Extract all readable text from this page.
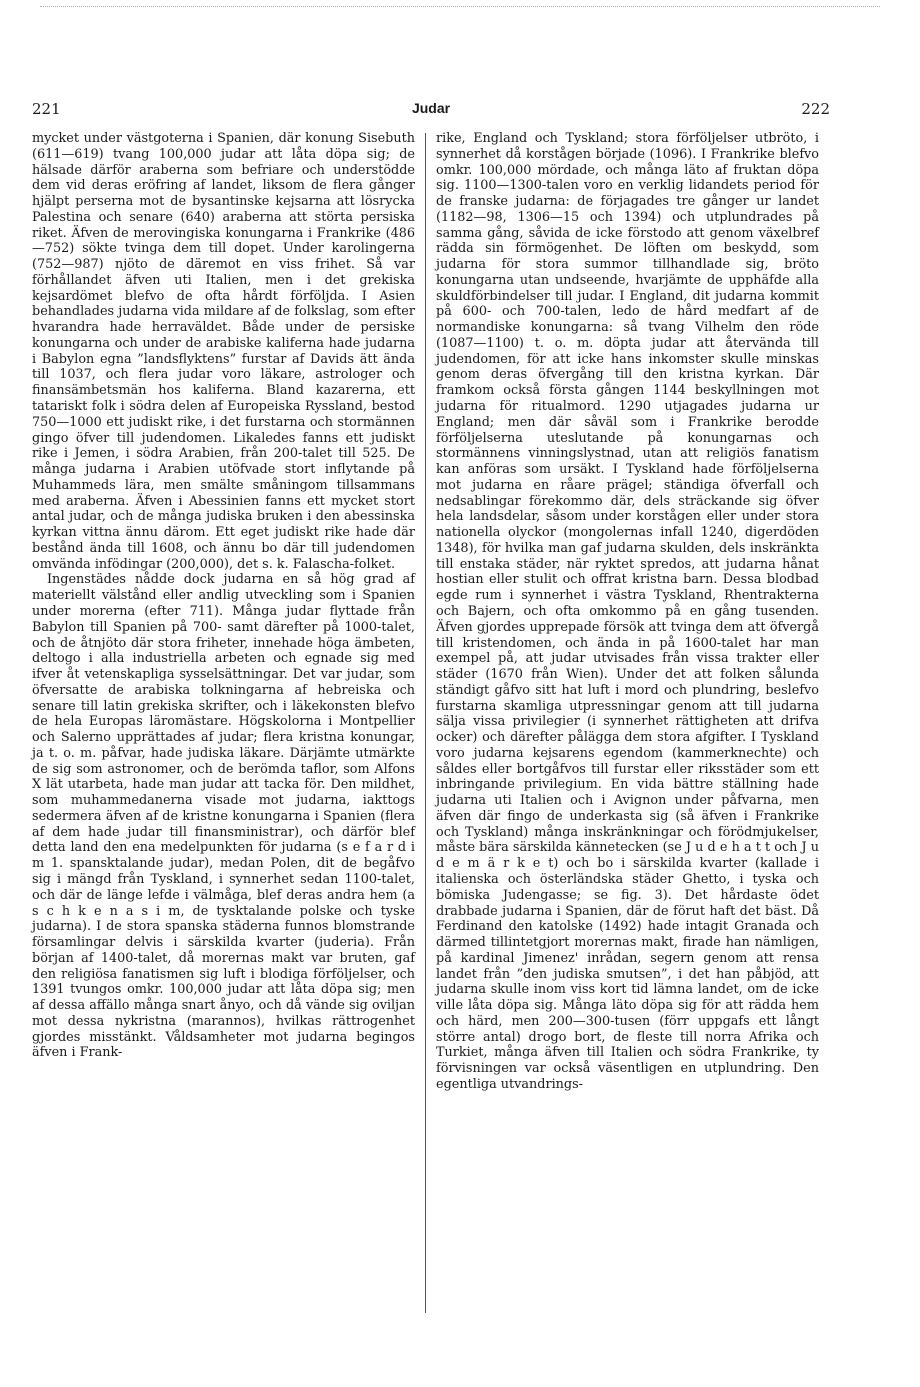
221	Judar	222

mycket under västgoterna i Spanien, där konung Sisebuth (611—619) tvang 100,000 judar att låta döpa sig; de hälsade därför araberna som befriare och understödde dem vid deras eröfring af landet, liksom de flera gånger hjälpt perserna mot de bysantinske kejsarna att lösrycka Palestina och senare (640) araberna att störta persiska riket. Äfven de merovingiska konungarna i Frankrike (486—752) sökte tvinga dem till dopet. Under karolingerna (752—987) njöto de däremot en viss frihet. Så var förhållandet äfven uti Italien, men i det grekiska kejsardömet blefvo de ofta hårdt förföljda. I Asien behandlades judarna vida mildare af de folkslag, som efter hvarandra hade herraväldet. Både under de persiske konungarna och under de arabiske kaliferna hade judarna i Babylon egna ”landsflyktens” furstar af Davids ätt ända till 1037, och flera judar voro läkare, astrologer och finansämbetsmän hos kaliferna. Bland kazarerna, ett tatariskt folk i södra delen af Europeiska Ryssland, bestod 750—1000 ett judiskt rike, i det furstarna och stormännen gingo öfver till judendomen. Likaledes fanns ett judiskt rike i Jemen, i södra Arabien, från 200-talet till 525. De många judarna i Arabien utöfvade stort inflytande på Muhammeds lära, men smälte småningom tillsammans med araberna. Äfven i Abessinien fanns ett mycket stort antal judar, och de många judiska bruken i den abessinska kyrkan vittna ännu därom. Ett eget judiskt rike hade där bestånd ända till 1608, och ännu bo där till judendomen omvända infödingar (200,000), det s. k. Falascha-folket.

Ingenstädes nådde dock judarna en så hög grad af materiellt välstånd eller andlig utveckling som i Spanien under morerna (efter 711). Många judar flyttade från Babylon till Spanien på 700- samt därefter på 1000-talet, och de åtnjöto där stora friheter, innehade höga ämbeten, deltogo i alla industriella arbeten och egnade sig med ifver åt vetenskapliga sysselsättningar. Det var judar, som öfversatte de arabiska tolkningarna af hebreiska och senare till latin grekiska skrifter, och i läkekonsten blefvo de hela Europas läromästare. Högskolorna i Montpellier och Salerno upprättades af judar; flera kristna konungar, ja t. o. m. påfvar, hade judiska läkare. Därjämte utmärkte de sig som astronomer, och de berömda taflor, som Alfons X lät utarbeta, hade man judar att tacka för. Den mildhet, som muhammedanerna visade mot judarna, iakttogs sedermera äfven af de kristne konungarna i Spanien (flera af dem hade judar till finansministrar), och därför blef detta land den ena medelpunkten för judarna (s e f a r d i m 1. spansktalande judar), medan Polen, dit de begåfvo sig i mängd från Tyskland, i synnerhet sedan 1100-talet, och där de länge lefde i välmåga, blef deras andra hem (a s c h k e n a s i m, de tysktalande polske och tyske judarna). I de stora spanska städerna funnos blomstrande församlingar delvis i särskilda kvarter (juderia). Från början af 1400-talet, då morernas makt var bruten, gaf den religiösa fanatismen sig luft i blodiga förföljelser, och 1391 tvungos omkr. 100,000 judar att låta döpa sig; men af dessa affällo många snart ånyo, och då vände sig oviljan mot dessa nykristna (marannos), hvilkas rättrogenhet gjordes misstänkt. Våldsamheter mot judarna begingos äfven i Frank-

rike, England och Tyskland; stora förföljelser utbröto, i synnerhet då korstågen började (1096). I Frankrike blefvo omkr. 100,000 mördade, och många läto af fruktan döpa sig. 1100—1300-talen voro en verklig lidandets period för de franske judarna: de förjagades tre gånger ur landet (1182—98, 1306—15 och 1394) och utplundrades på samma gång, såvida de icke förstodo att genom växelbref rädda sin förmögenhet. De löften om beskydd, som judarna för stora summor tillhandlade sig, bröto konungarna utan undseende, hvarjämte de upphäfde alla skuldförbindelser till judar. I England, dit judarna kommit på 600- och 700-talen, ledo de hård medfart af de normandiske konungarna: så tvang Vilhelm den röde (1087—1100) t. o. m. döpta judar att återvända till judendomen, för att icke hans inkomster skulle minskas genom deras öfvergång till den kristna kyrkan. Där framkom också första gången 1144 beskyllningen mot judarna för ritualmord. 1290 utjagades judarna ur England; men där såväl som i Frankrike berodde förföljelserna uteslutande på konungarnas och stormännens vinningslystnad, utan att religiös fanatism kan anföras som ursäkt. I Tyskland hade förföljelserna mot judarna en råare prägel; ständiga öfverfall och nedsablingar förekommo där, dels sträckande sig öfver hela landsdelar, såsom under korstågen eller under stora nationella olyckor (mongolernas infall 1240, digerdöden 1348), för hvilka man gaf judarna skulden, dels inskränkta till enstaka städer, när ryktet spredos, att judarna hånat hostian eller stulit och offrat kristna barn. Dessa blodbad egde rum i synnerhet i västra Tyskland, Rhentrakterna och Bajern, och ofta omkommo på en gång tusenden. Äfven gjordes upprepade försök att tvinga dem att öfvergå till kristendomen, och ända in på 1600-talet har man exempel på, att judar utvisades från vissa trakter eller städer (1670 från Wien). Under det att folken sålunda ständigt gåfvo sitt hat luft i mord och plundring, beslefvo furstarna skamliga utpressningar genom att till judarna sälja vissa privilegier (i synnerhet rättigheten att drifva ocker) och därefter pålägga dem stora afgifter. I Tyskland voro judarna kejsarens egendom (kammerknechte) och såldes eller bortgåfvos till furstar eller riksstäder som ett inbringande privilegium. En vida bättre ställning hade judarna uti Italien och i Avignon under påfvarna, men äfven där fingo de underkasta sig (så äfven i Frankrike och Tyskland) många inskränkningar och förödmjukelser, måste bära särskilda kännetecken (se J u d e h a t t och J u d e m ä r k e t) och bo i särskilda kvarter (kallade i italienska och österländska städer Ghetto, i tyska och bömiska Judengasse; se fig. 3). Det hårdaste ödet drabbade judarna i Spanien, där de förut haft det bäst. Då Ferdinand den katolske (1492) hade intagit Granada och därmed tillintetgjort morernas makt, firade han nämligen, på kardinal Jimenez' inrådan, segern genom att rensa landet från ”den judiska smutsen”, i det han påbjöd, att judarna skulle inom viss kort tid lämna landet, om de icke ville låta döpa sig. Många läto döpa sig för att rädda hem och härd, men 200—300-tusen (förr uppgafs ett långt större antal) drogo bort, de fleste till norra Afrika och Turkiet, många äfven till Italien och södra Frankrike, ty förvisningen var också väsentligen en utplundring. Den egentliga utvandrings-
